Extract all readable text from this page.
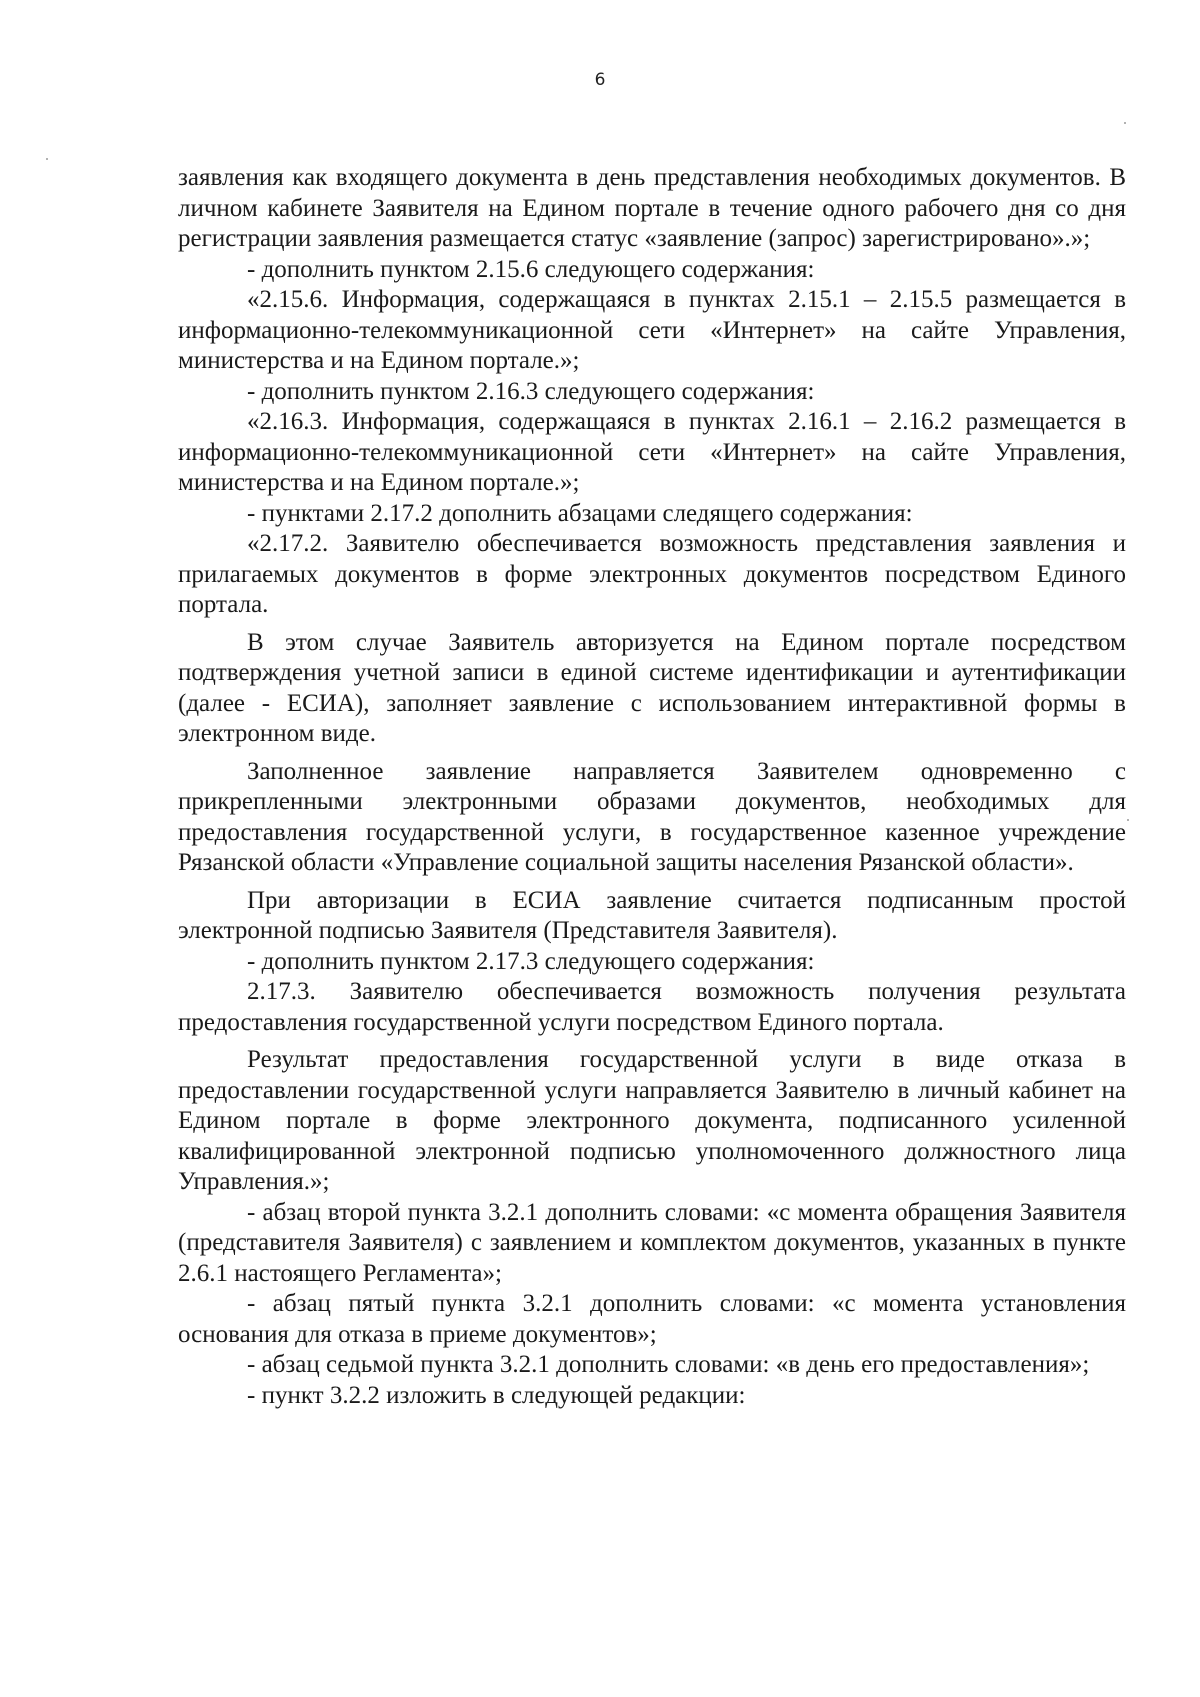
6

заявления как входящего документа в день представления необходимых документов. В личном кабинете Заявителя на Едином портале в течение одного рабочего дня со дня регистрации заявления размещается статус «заявление (запрос) зарегистрировано».»;

- дополнить пунктом 2.15.6 следующего содержания:

«2.15.6. Информация, содержащаяся в пунктах 2.15.1 – 2.15.5 размещается в информационно-телекоммуникационной сети «Интернет» на сайте Управления, министерства и на Едином портале.»;

- дополнить пунктом 2.16.3 следующего содержания:

«2.16.3. Информация, содержащаяся в пунктах 2.16.1 – 2.16.2 размещается в информационно-телекоммуникационной сети «Интернет» на сайте Управления, министерства и на Едином портале.»;

- пунктами 2.17.2 дополнить абзацами следящего содержания:

«2.17.2. Заявителю обеспечивается возможность представления заявления и прилагаемых документов в форме электронных документов посредством Единого портала.

В этом случае Заявитель авторизуется на Едином портале посредством подтверждения учетной записи в единой системе идентификации и аутентификации (далее - ЕСИА), заполняет заявление с использованием интерактивной формы в электронном виде.

Заполненное заявление направляется Заявителем одновременно с прикрепленными электронными образами документов, необходимых для предоставления государственной услуги, в государственное казенное учреждение Рязанской области «Управление социальной защиты населения Рязанской области».

При авторизации в ЕСИА заявление считается подписанным простой электронной подписью Заявителя (Представителя Заявителя).

- дополнить пунктом 2.17.3 следующего содержания:

2.17.3. Заявителю обеспечивается возможность получения результата предоставления государственной услуги посредством Единого портала.

Результат предоставления государственной услуги в виде отказа в предоставлении государственной услуги направляется Заявителю в личный кабинет на Едином портале в форме электронного документа, подписанного усиленной квалифицированной электронной подписью уполномоченного должностного лица Управления.»;

- абзац второй пункта 3.2.1 дополнить словами: «с момента обращения Заявителя (представителя Заявителя) с заявлением и комплектом документов, указанных в пункте 2.6.1 настоящего Регламента»;

- абзац пятый пункта 3.2.1 дополнить словами: «с момента установления основания для отказа в приеме документов»;

- абзац седьмой пункта 3.2.1 дополнить словами: «в день его предоставления»;

- пункт 3.2.2 изложить в следующей редакции:
